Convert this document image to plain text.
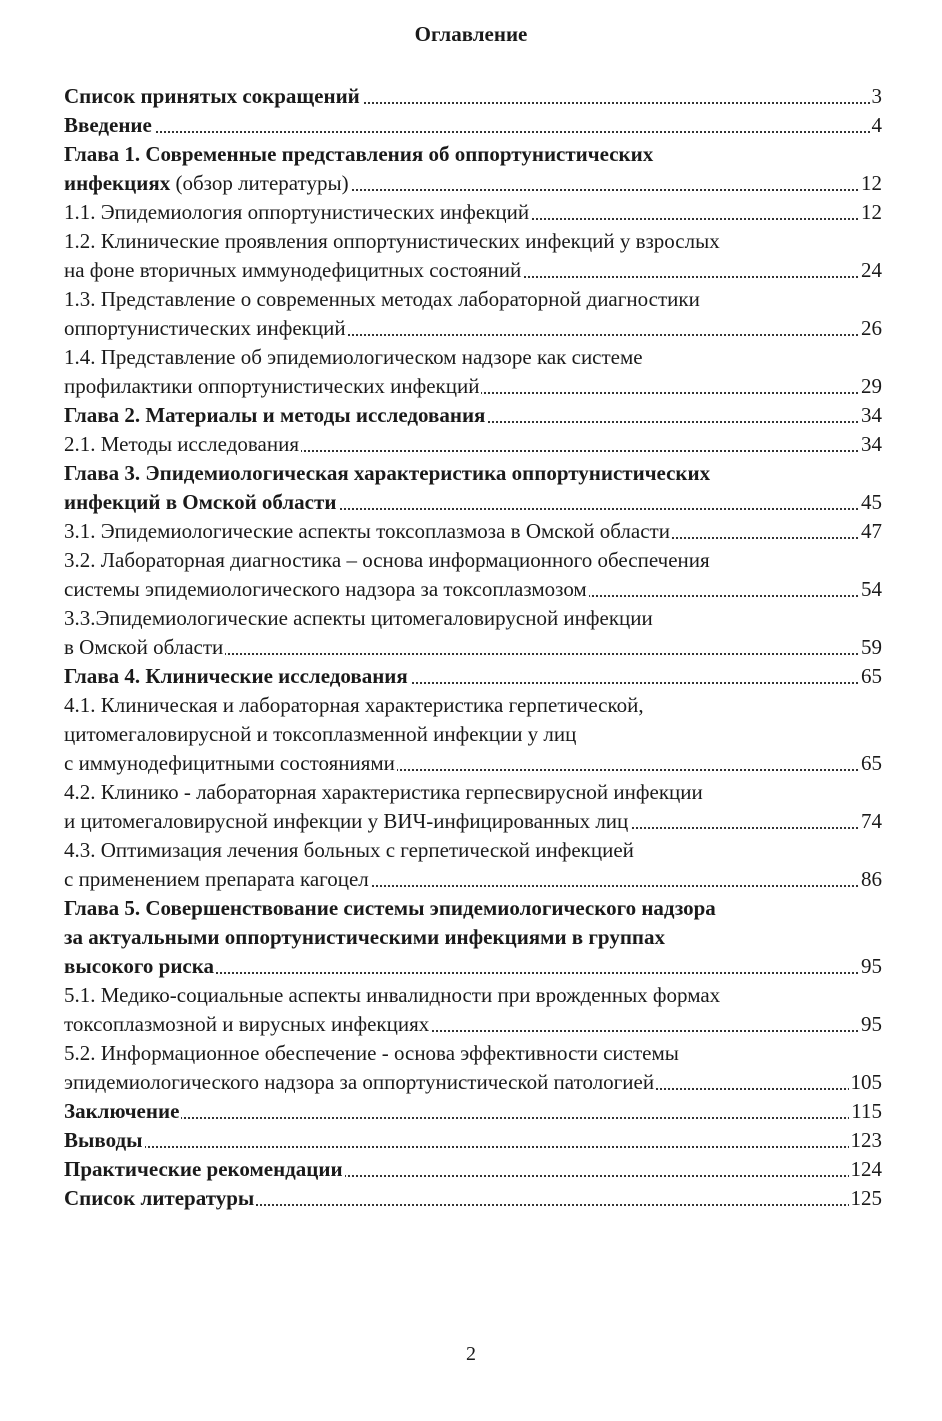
Оглавление
Список принятых сокращений	3
Введение	4
Глава 1. Современные представления об оппортунистических
инфекциях (обзор литературы)	12
1.1. Эпидемиология оппортунистических инфекций	12
1.2. Клинические проявления оппортунистических инфекций у взрослых
на фоне вторичных иммунодефицитных состояний	24
1.3. Представление о современных методах лабораторной диагностики
оппортунистических инфекций	26
1.4. Представление об эпидемиологическом надзоре как системе
профилактики оппортунистических инфекций	29
Глава 2. Материалы и методы исследования	34
2.1. Методы исследования	34
Глава 3. Эпидемиологическая характеристика оппортунистических
инфекций в Омской области	45
3.1. Эпидемиологические аспекты токсоплазмоза в Омской области	47
3.2. Лабораторная диагностика – основа информационного обеспечения
системы эпидемиологического надзора за токсоплазмозом	54
3.3.Эпидемиологические аспекты цитомегаловирусной инфекции
в Омской области	59
Глава 4. Клинические исследования	65
4.1. Клиническая и лабораторная характеристика герпетической,
цитомегаловирусной и токсоплазменной инфекции у лиц
с иммунодефицитными состояниями	65
4.2. Клинико - лабораторная характеристика герпесвирусной инфекции
и цитомегаловирусной инфекции у ВИЧ-инфицированных лиц	74
4.3. Оптимизация лечения больных с герпетической инфекцией
с применением препарата кагоцел	86
Глава 5. Совершенствование системы эпидемиологического надзора
за актуальными оппортунистическими инфекциями в группах
высокого риска	95
5.1. Медико-социальные аспекты инвалидности при врожденных формах
токсоплазмозной и вирусных инфекциях	95
5.2. Информационное обеспечение - основа эффективности системы
эпидемиологического надзора за оппортунистической патологией	105
Заключение	115
Выводы	123
Практические рекомендации	124
Список литературы	125
2
